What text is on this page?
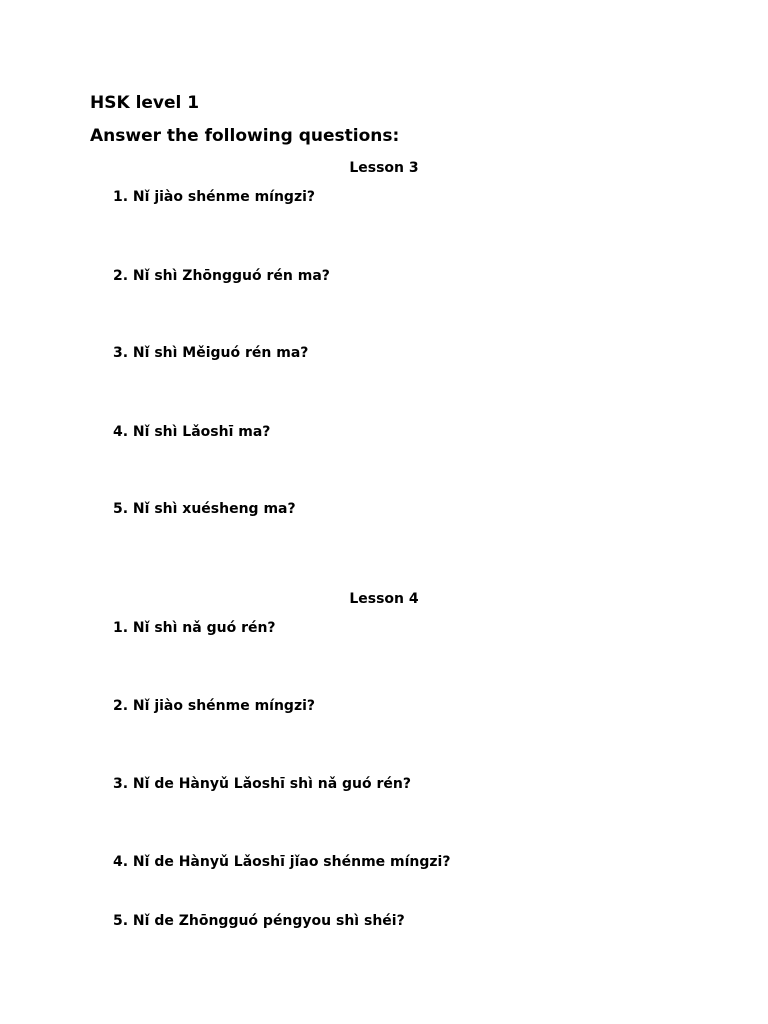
HSK level 1
Answer the following questions:
Lesson 3
1. Nǐ jiào shénme míngzi?
2. Nǐ shì Zhōngguó rén ma?
3. Nǐ shì Měiguó rén ma?
4. Nǐ shì Lǎoshī ma?
5. Nǐ shì xuésheng ma?
Lesson 4
1. Nǐ shì nǎ guó rén?
2. Nǐ jiào shénme míngzi?
3. Nǐ de Hànyǔ Lǎoshī shì nǎ guó rén?
4. Nǐ de Hànyǔ Lǎoshī jǐao shénme míngzi?
5. Nǐ de Zhōngguó péngyou shì shéi?
